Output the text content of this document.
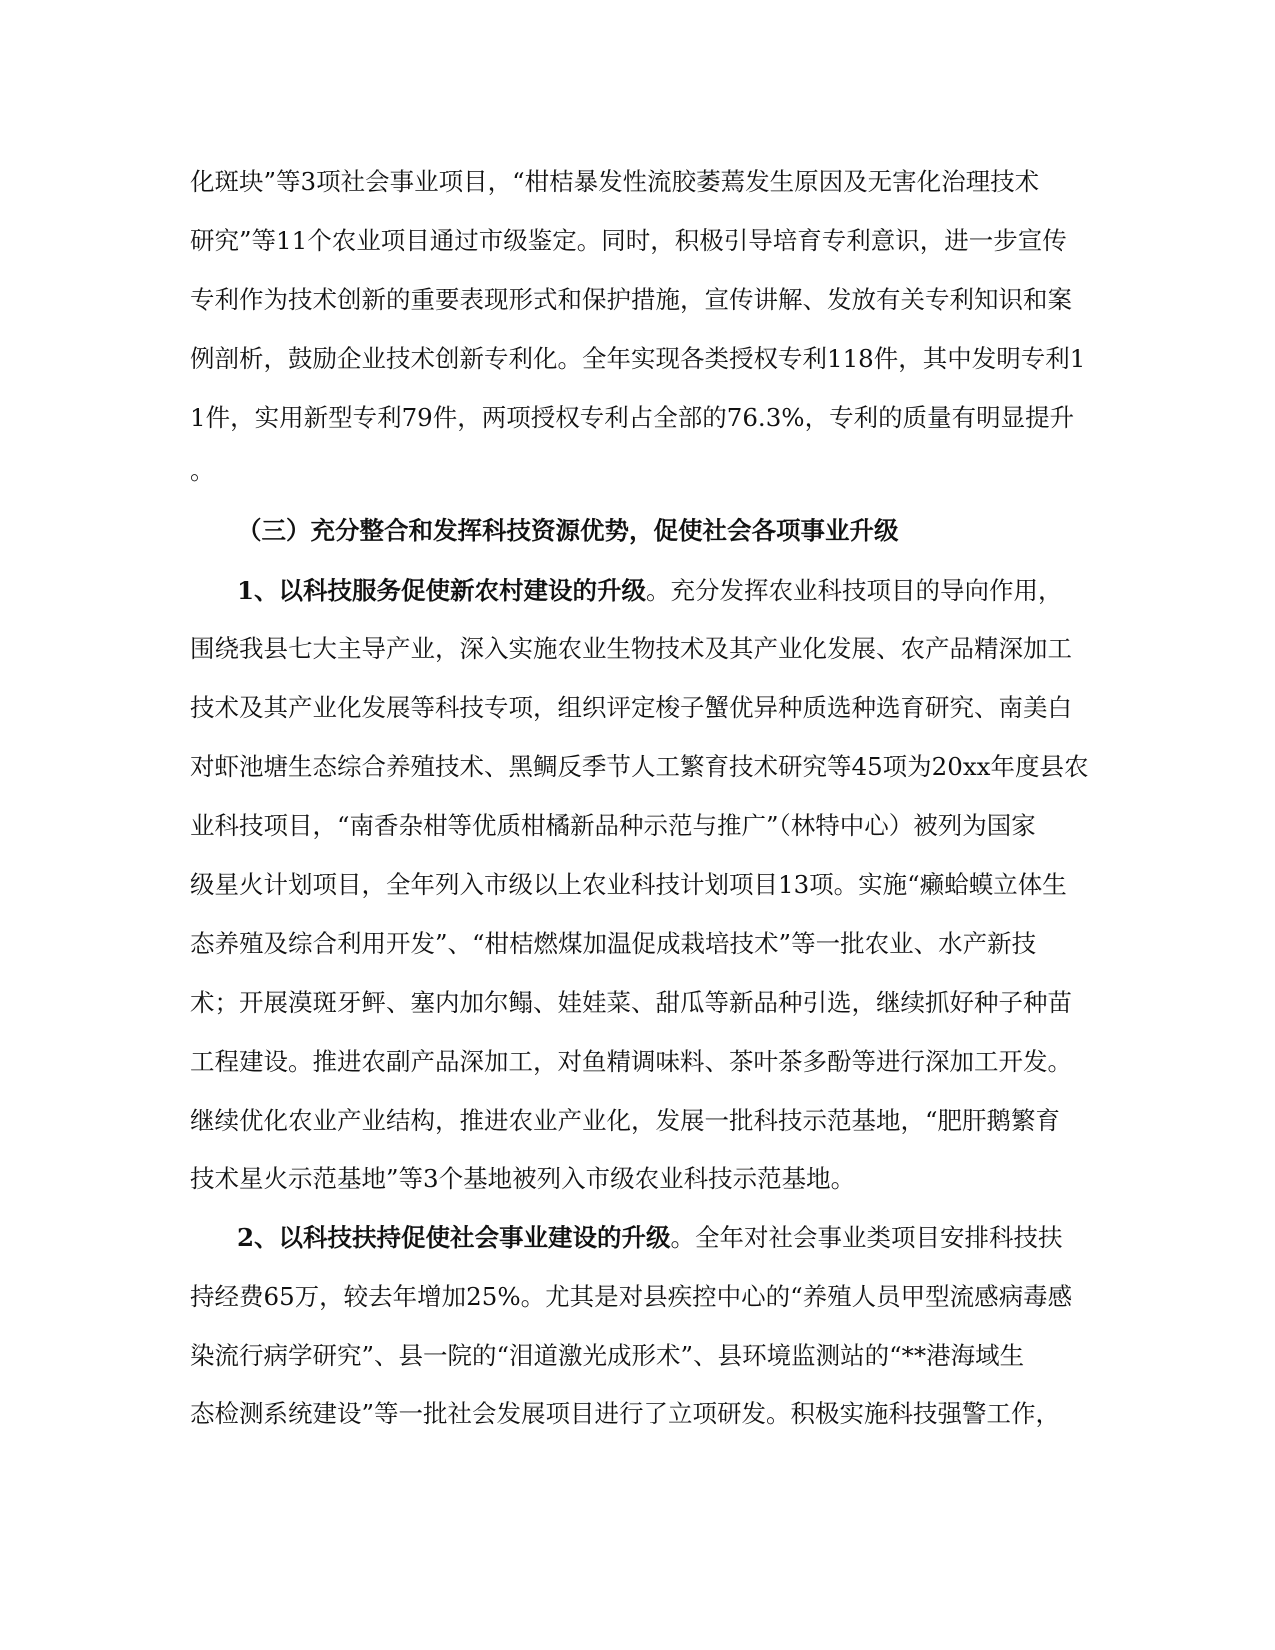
化斑块”等3项社会事业项目，“柑桔暴发性流胶萎蔫发生原因及无害化治理技术
研究”等11个农业项目通过市级鉴定。同时，积极引导培育专利意识，进一步宣传
专利作为技术创新的重要表现形式和保护措施，宣传讲解、发放有关专利知识和案
例剖析，鼓励企业技术创新专利化。全年实现各类授权专利118件，其中发明专利1
1件，实用新型专利79件，两项授权专利占全部的76.3%，专利的质量有明显提升
。
（三）充分整合和发挥科技资源优势，促使社会各项事业升级
1、以科技服务促使新农村建设的升级。充分发挥农业科技项目的导向作用，
围绕我县七大主导产业，深入实施农业生物技术及其产业化发展、农产品精深加工
技术及其产业化发展等科技专项，组织评定梭子蟹优异种质选种选育研究、南美白
对虾池塘生态综合养殖技术、黑鲷反季节人工繁育技术研究等45项为20xx年度县农
业科技项目，“南香杂柑等优质柑橘新品种示范与推广”（林特中心）被列为国家
级星火计划项目，全年列入市级以上农业科技计划项目13项。实施“癞蛤蟆立体生
态养殖及综合利用开发”、“柑桔燃煤加温促成栽培技术”等一批农业、水产新技
术；开展漠斑牙鲆、塞内加尔鳎、娃娃菜、甜瓜等新品种引选，继续抓好种子种苗
工程建设。推进农副产品深加工，对鱼精调味料、茶叶茶多酚等进行深加工开发。
继续优化农业产业结构，推进农业产业化，发展一批科技示范基地，“肥肝鹅繁育
技术星火示范基地”等3个基地被列入市级农业科技示范基地。
2、以科技扶持促使社会事业建设的升级。全年对社会事业类项目安排科技扶
持经费65万，较去年增加25%。尤其是对县疾控中心的“养殖人员甲型流感病毒感
染流行病学研究”、县一院的“泪道激光成形术”、县环境监测站的“**港海域生
态检测系统建设”等一批社会发展项目进行了立项研发。积极实施科技强警工作，
